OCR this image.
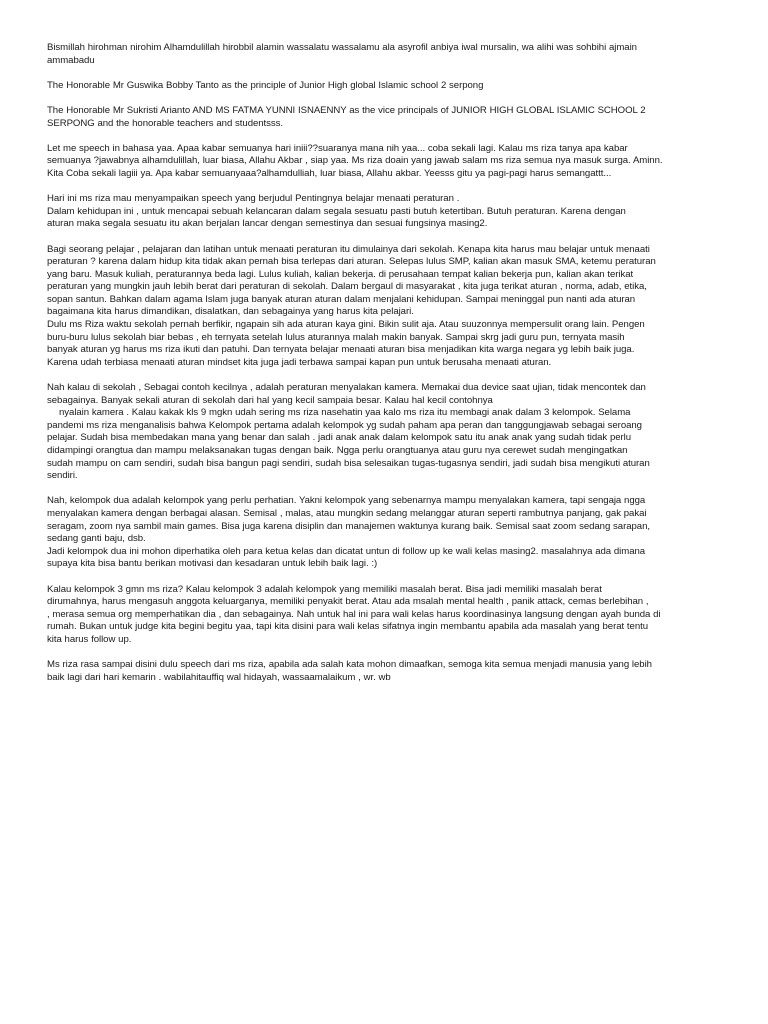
Bismillah hirohman nirohim Alhamdulillah hirobbil alamin wassalatu wassalamu ala asyrofil anbiya iwal mursalin, wa alihi was sohbihi ajmain
ammabadu
The Honorable Mr Guswika Bobby Tanto as the principle of Junior High global Islamic school 2 serpong
The Honorable Mr Sukristi Arianto AND MS FATMA YUNNI ISNAENNY as the vice principals of JUNIOR HIGH GLOBAL ISLAMIC SCHOOL 2
SERPONG and the honorable teachers and studentsss.
Let me speech in bahasa yaa. Apaa kabar semuanya hari iniii??suaranya mana nih yaa... coba sekali lagi. Kalau ms riza tanya apa kabar
semuanya ?jawabnya alhamdulillah, luar biasa, Allahu Akbar , siap yaa. Ms riza doain yang jawab salam ms riza semua nya masuk surga. Aminn.
Kita Coba sekali lagiii ya. Apa kabar semuanyaaa?alhamdulliah, luar biasa, Allahu akbar. Yeesss gitu ya pagi-pagi harus semangattt...
Hari ini ms riza mau menyampaikan speech yang berjudul Pentingnya belajar menaati peraturan .
Dalam kehidupan ini , untuk mencapai sebuah kelancaran dalam segala sesuatu pasti butuh ketertiban. Butuh peraturan. Karena dengan
aturan maka segala sesuatu itu akan berjalan lancar dengan semestinya dan sesuai fungsinya masing2.
Bagi seorang pelajar , pelajaran dan latihan untuk menaati peraturan itu dimulainya dari sekolah. Kenapa kita harus mau belajar untuk menaati
peraturan ? karena dalam hidup kita tidak akan pernah bisa terlepas dari aturan. Selepas lulus SMP, kalian akan masuk SMA, ketemu peraturan
yang baru. Masuk kuliah, peraturannya beda lagi. Lulus kuliah, kalian bekerja. di perusahaan tempat kalian bekerja pun, kalian akan terikat
peraturan yang mungkin jauh lebih berat dari peraturan di sekolah. Dalam bergaul di masyarakat , kita juga terikat aturan , norma, adab, etika,
sopan santun. Bahkan dalam agama Islam juga banyak aturan aturan dalam menjalani kehidupan. Sampai meninggal pun nanti ada aturan
bagaimana kita harus dimandikan, disalatkan, dan sebagainya yang harus kita pelajari.
Dulu ms Riza waktu sekolah pernah berfikir, ngapain sih ada aturan kaya gini. Bikin sulit aja. Atau suuzonnya mempersulit orang lain. Pengen
buru-buru lulus sekolah biar bebas , eh ternyata setelah lulus aturannya malah makin banyak. Sampai skrg jadi guru pun, ternyata masih
banyak aturan yg harus ms riza ikuti dan patuhi. Dan ternyata belajar menaati aturan bisa menjadikan kita warga negara yg lebih baik juga.
Karena udah terbiasa menaati aturan mindset kita juga jadi terbawa sampai kapan pun untuk berusaha menaati aturan.
Nah kalau di sekolah , Sebagai contoh kecilnya , adalah peraturan menyalakan kamera. Memakai dua device saat ujian, tidak mencontek dan
sebagainya. Banyak sekali aturan di sekolah dari hal yang kecil sampaia besar. Kalau hal kecil contohnya
nyalain kamera . Kalau kakak kls 9 mgkn udah sering ms riza nasehatin yaa kalo ms riza itu membagi anak dalam 3 kelompok. Selama
pandemi ms riza menganalisis bahwa Kelompok pertama adalah kelompok yg sudah paham apa peran dan tanggungjawab sebagai seroang
pelajar. Sudah bisa membedakan mana yang benar dan salah . jadi anak anak dalam kelompok satu itu anak anak yang sudah tidak perlu
didampingi orangtua dan mampu melaksanakan tugas dengan baik. Ngga perlu orangtuanya atau guru nya cerewet sudah mengingatkan
sudah mampu on cam sendiri, sudah bisa bangun pagi sendiri, sudah bisa selesaikan tugas-tugasnya sendiri, jadi sudah bisa mengikuti aturan
sendiri.
Nah, kelompok dua adalah kelompok yang perlu perhatian. Yakni kelompok yang sebenarnya mampu menyalakan kamera, tapi sengaja ngga
menyalakan kamera dengan berbagai alasan. Semisal , malas, atau mungkin sedang melanggar aturan seperti rambutnya panjang, gak pakai
seragam, zoom nya sambil main games. Bisa juga karena disiplin dan manajemen waktunya kurang baik. Semisal saat zoom sedang sarapan,
sedang ganti baju, dsb.
Jadi kelompok dua ini mohon diperhatika oleh para ketua kelas dan dicatat untun di follow up ke wali kelas masing2. masalahnya ada dimana
supaya kita bisa bantu berikan motivasi dan kesadaran untuk lebih baik lagi. :)
Kalau kelompok 3 gmn ms riza? Kalau kelompok 3 adalah kelompok yang memiliki masalah berat. Bisa jadi memiliki masalah berat
dirumahnya, harus mengasuh anggota keluarganya, memiliki penyakit berat. Atau ada msalah mental health , panik attack, cemas berlebihan ,
, merasa semua org memperhatikan dia , dan sebagainya. Nah untuk hal ini para wali kelas harus koordinasinya langsung dengan ayah bunda di
rumah. Bukan untuk judge kita begini begitu yaa, tapi kita disini para wali kelas sifatnya ingin membantu apabila ada masalah yang berat tentu
kita harus follow up.
Ms riza rasa sampai disini dulu speech dari ms riza, apabila ada salah kata mohon dimaafkan, semoga kita semua menjadi manusia yang lebih
baik lagi dari hari kemarin . wabilahitauffiq wal hidayah, wassaamalaikum , wr. wb
